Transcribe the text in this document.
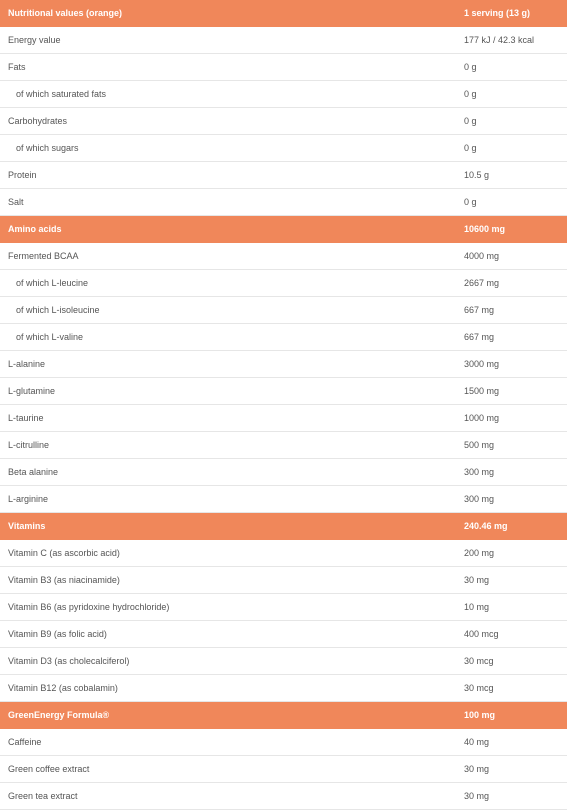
Nutritional values (orange)	1 serving (13 g)
Energy value	177 kJ / 42.3 kcal
Fats	0 g
of which saturated fats	0 g
Carbohydrates	0 g
of which sugars	0 g
Protein	10.5 g
Salt	0 g
Amino acids	10600 mg
Fermented BCAA	4000 mg
of which L-leucine	2667 mg
of which L-isoleucine	667 mg
of which L-valine	667 mg
L-alanine	3000 mg
L-glutamine	1500 mg
L-taurine	1000 mg
L-citrulline	500 mg
Beta alanine	300 mg
L-arginine	300 mg
Vitamins	240.46 mg
Vitamin C (as ascorbic acid)	200 mg
Vitamin B3 (as niacinamide)	30 mg
Vitamin B6 (as pyridoxine hydrochloride)	10 mg
Vitamin B9 (as folic acid)	400 mcg
Vitamin D3 (as cholecalciferol)	30 mcg
Vitamin B12 (as cobalamin)	30 mcg
GreenEnergy Formula®	100 mg
Caffeine	40 mg
Green coffee extract	30 mg
Green tea extract	30 mg
